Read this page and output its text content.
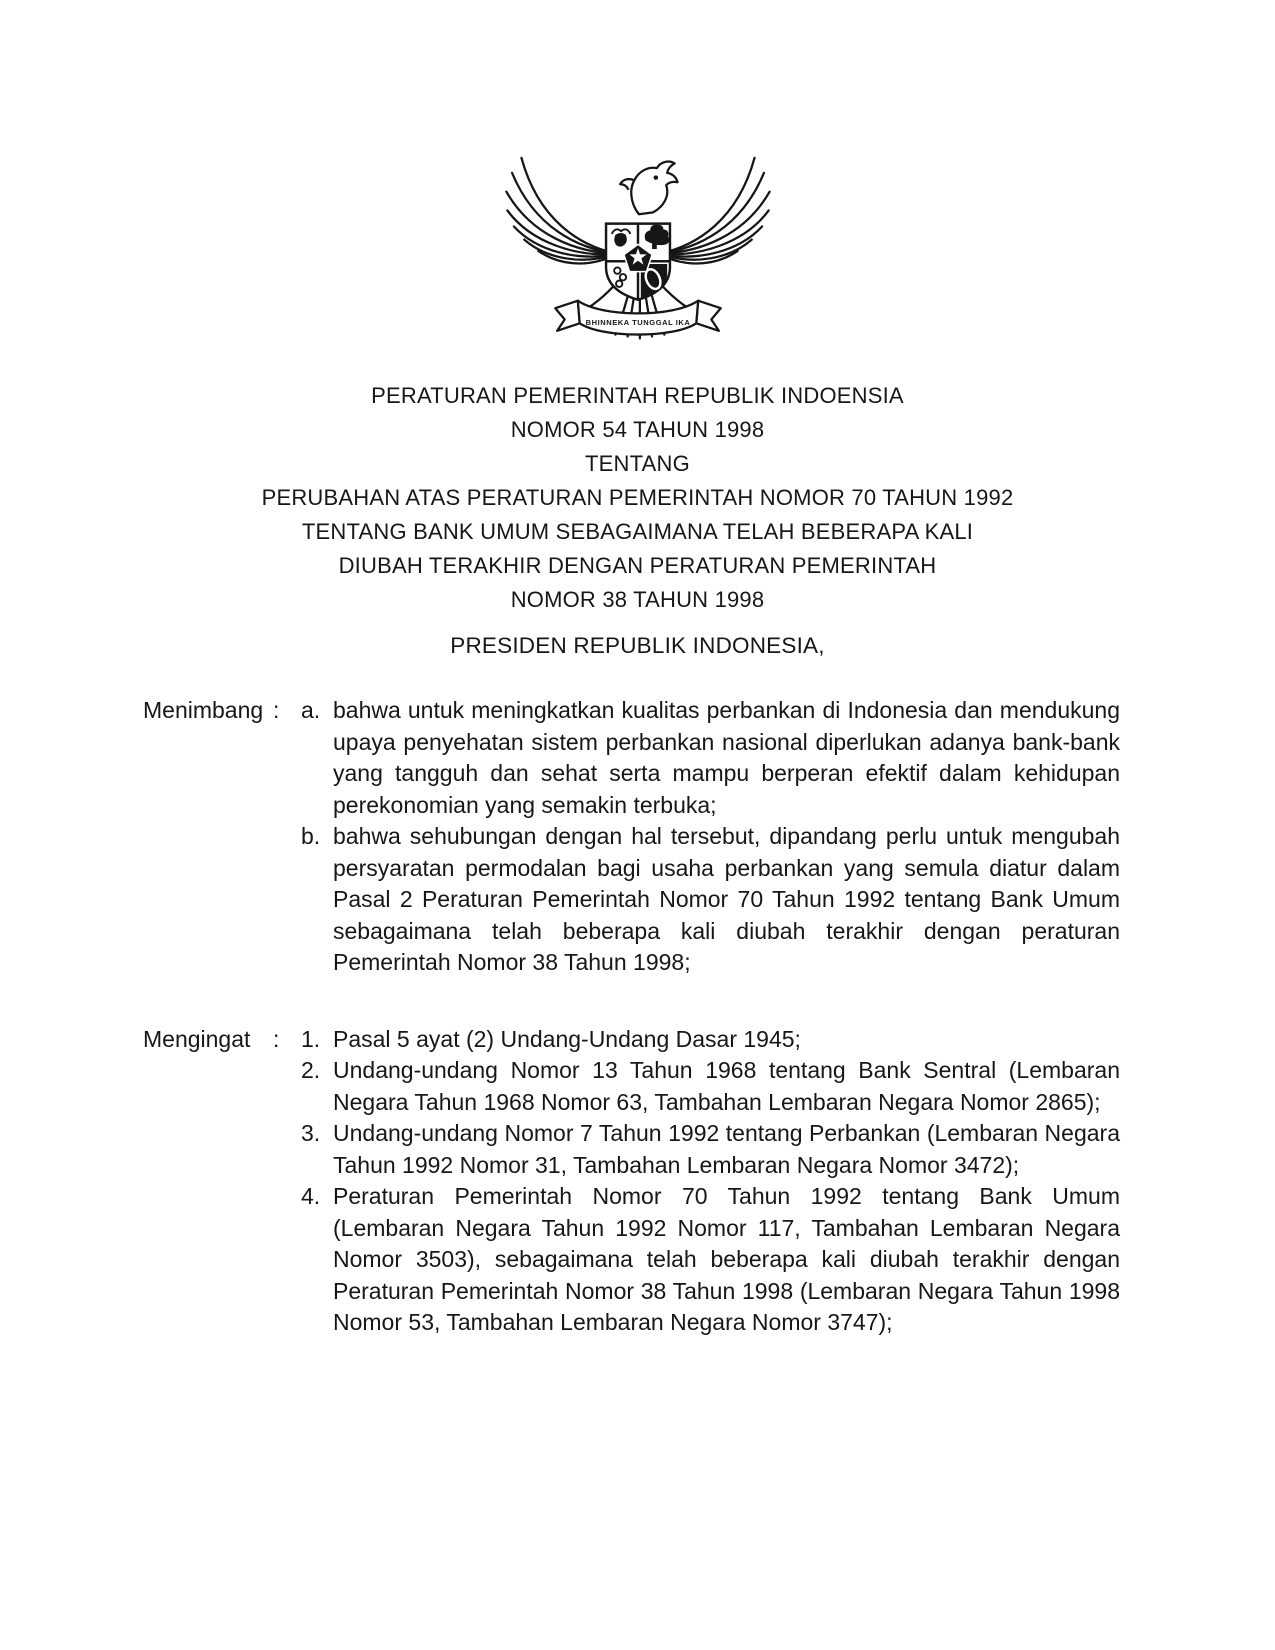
BHINNEKA TUNGGAL IKA
PERATURAN PEMERINTAH REPUBLIK INDOENSIA
NOMOR 54 TAHUN 1998
TENTANG
PERUBAHAN ATAS PERATURAN PEMERINTAH NOMOR 70 TAHUN 1992
TENTANG BANK UMUM SEBAGAIMANA TELAH BEBERAPA KALI
DIUBAH TERAKHIR DENGAN PERATURAN PEMERINTAH
NOMOR 38 TAHUN 1998
PRESIDEN REPUBLIK INDONESIA,
Menimbang : a. bahwa untuk meningkatkan kualitas perbankan di Indonesia dan mendukung upaya penyehatan sistem perbankan nasional diperlukan adanya bank-bank yang tangguh dan sehat serta mampu berperan efektif dalam kehidupan perekonomian yang semakin terbuka;
b. bahwa sehubungan dengan hal tersebut, dipandang perlu untuk mengubah persyaratan permodalan bagi usaha perbankan yang semula diatur dalam Pasal 2 Peraturan Pemerintah Nomor 70 Tahun 1992 tentang Bank Umum sebagaimana telah beberapa kali diubah terakhir dengan peraturan Pemerintah Nomor 38 Tahun 1998;
Mengingat : 1. Pasal 5 ayat (2) Undang-Undang Dasar 1945;
2. Undang-undang Nomor 13 Tahun 1968 tentang Bank Sentral (Lembaran Negara Tahun 1968 Nomor 63, Tambahan Lembaran Negara Nomor 2865);
3. Undang-undang Nomor 7 Tahun 1992 tentang Perbankan (Lembaran Negara Tahun 1992 Nomor 31, Tambahan Lembaran Negara Nomor 3472);
4. Peraturan Pemerintah Nomor 70 Tahun 1992 tentang Bank Umum (Lembaran Negara Tahun 1992 Nomor 117, Tambahan Lembaran Negara Nomor 3503), sebagaimana telah beberapa kali diubah terakhir dengan Peraturan Pemerintah Nomor 38 Tahun 1998 (Lembaran Negara Tahun 1998 Nomor 53, Tambahan Lembaran Negara Nomor 3747);
